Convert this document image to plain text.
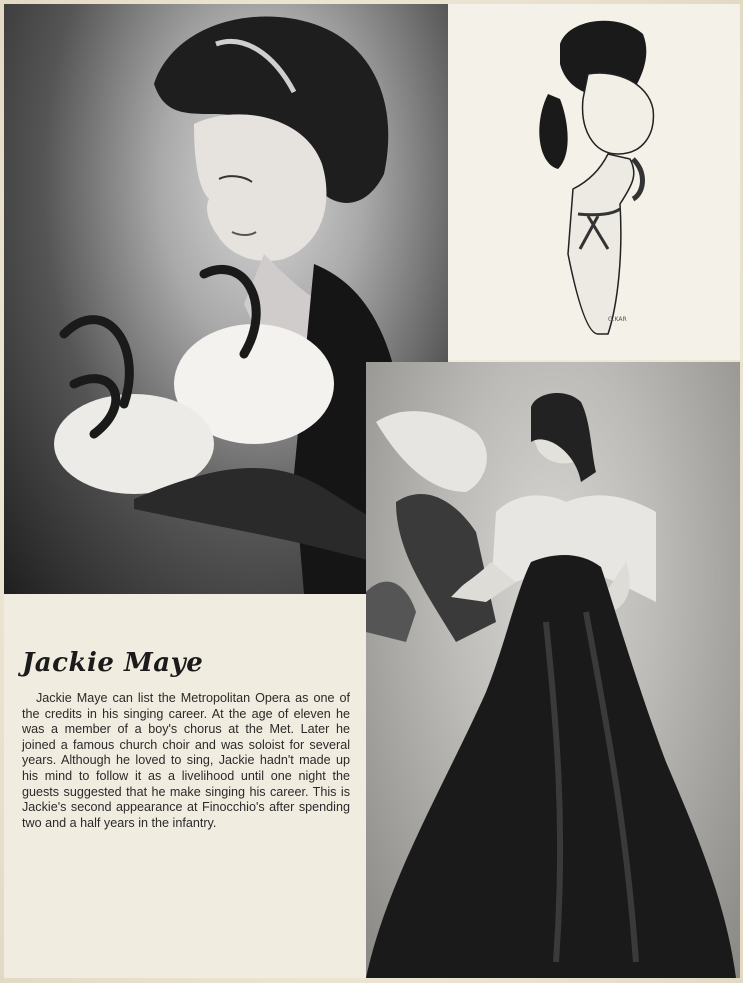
G.KAR
Jackie Maye

Jackie Maye can list the Metropolitan Opera as one of the credits in his singing career. At the age of eleven he was a member of a boy's chorus at the Met. Later he joined a famous church choir and was soloist for several years. Although he loved to sing, Jackie hadn't made up his mind to follow it as a livelihood until one night the guests suggested that he make singing his career. This is Jackie's second appearance at Finocchio's after spending two and a half years in the infantry.
